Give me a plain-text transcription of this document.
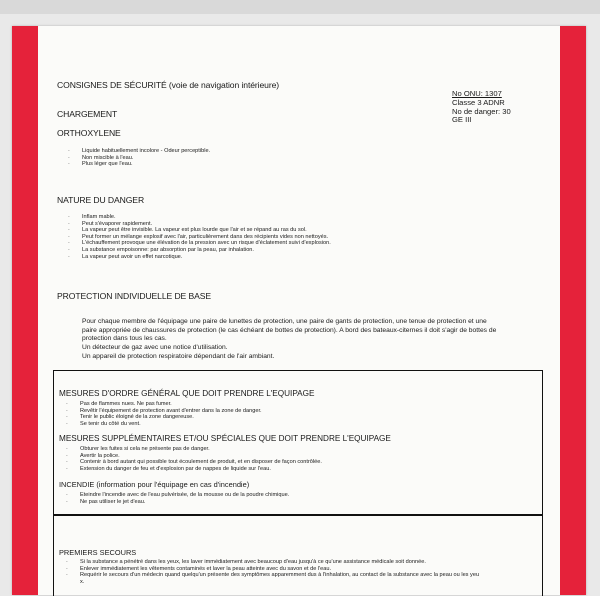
CONSIGNES DE SÉCURITÉ (voie de navigation intérieure)
No ONU: 1307
Classe 3 ADNR
No de danger: 30
GE III
CHARGEMENT
ORTHOXYLENE
· Liquide habituellement incolore - Odeur perceptible.
· Non miscible à l'eau.
· Plus léger que l'eau.
NATURE DU DANGER
· Inflam mable.
· Peut s'évaporer rapidement.
· La vapeur peut être invisible. La vapeur est plus lourde que l'air et se répand au ras du sol.
· Peut former un mélange explosif avec l'air, particulièrement dans des récipients vides non nettoyés.
· L'échauffement provoque une élévation de la pression avec un risque d'éclatement suivi d'explosion.
· La substance empoisonne: par absorption par la peau, par inhalation.
· La vapeur peut avoir un effet narcotique.
PROTECTION INDIVIDUELLE DE BASE
Pour chaque membre de l'équipage une paire de lunettes de protection, une paire de gants de protection, une tenue de protection et une
paire appropriée de chaussures de protection (le cas échéant de bottes de protection). A bord des bateaux-citernes il doit s'agir de bottes de
protection dans tous les cas.
Un détecteur de gaz avec une notice d'utilisation.
Un appareil de protection respiratoire dépendant de l'air ambiant.
MESURES D'ORDRE GÉNÉRAL QUE DOIT PRENDRE L'EQUIPAGE
· Pas de flammes nues. Ne pas fumer.
· Revêtir l'équipement de protection avant d'entrer dans la zone de danger.
· Tenir le public éloigné de la zone dangereuse.
· Se tenir du côté du vent.
MESURES SUPPLÉMENTAIRES ET/OU SPÉCIALES QUE DOIT PRENDRE L'EQUIPAGE
· Obturer les fuites si cela ne présente pas de danger.
· Avertir la police.
· Contenir à bord autant qui possible tout écoulement de produit, et en disposer de façon contrôlée.
· Extension du danger de feu et d'explosion par de nappes de liquide sur l'eau.
INCENDIE (information pour l'équipage en cas d'incendie)
· Eteindre l'incendie avec de l'eau pulvérisée, de la mousse ou de la poudre chimique.
· Ne pas utiliser le jet d'eau.
PREMIERS SECOURS
· Si la substance a pénétré dans les yeux, les laver immédiatement avec beaucoup d'eau jusqu'à ce qu'une assistance médicale soit donnée.
· Enlever immédiatement les vêtements contaminés et laver la peau atteinte avec du savon et de l'eau.
· Requérir le secours d'un médecin quand quelqu'un présente des symptômes apparemment dus à l'inhalation, au contact de la substance avec la peau ou les yeu
x.
